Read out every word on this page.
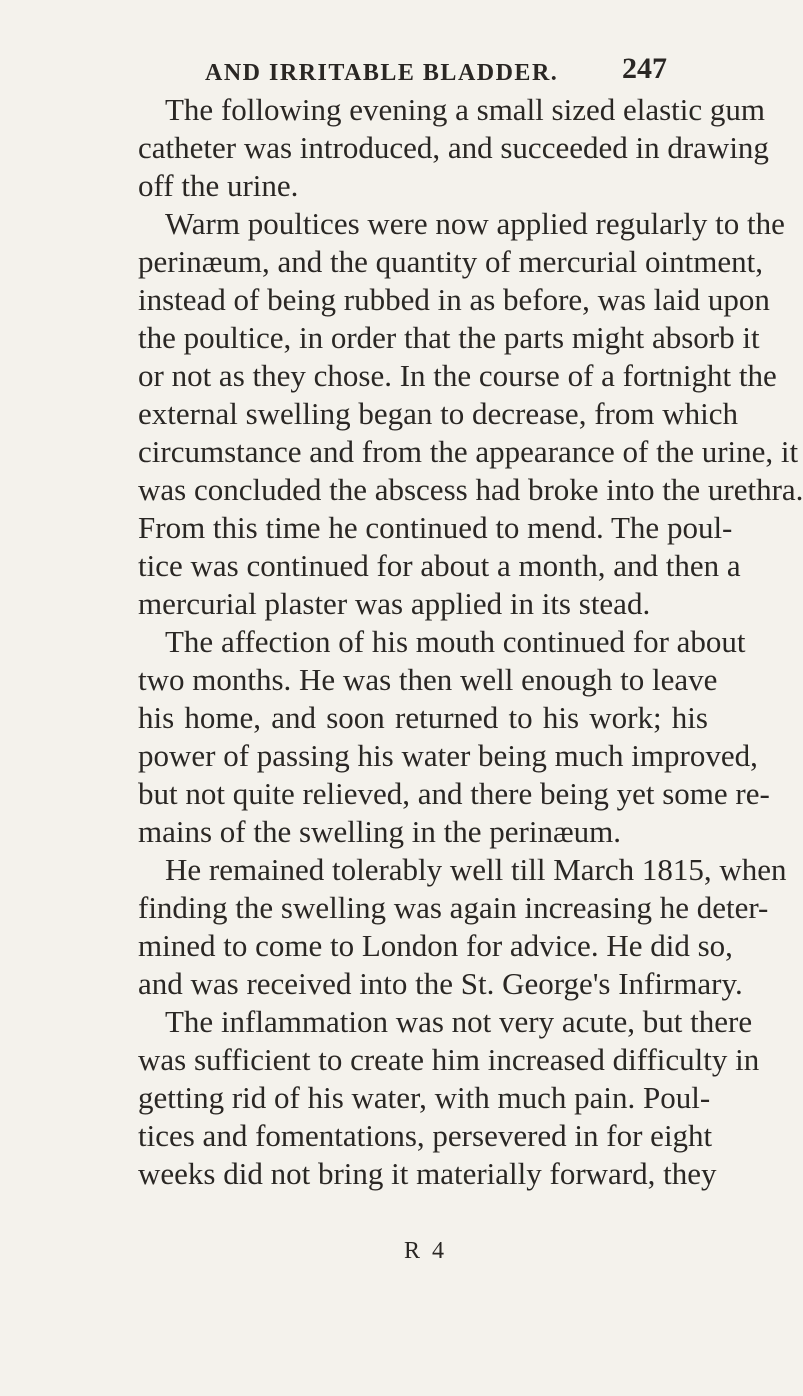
AND IRRITABLE BLADDER. 247
The following evening a small sized elastic gum
catheter was introduced, and succeeded in drawing
off the urine.
Warm poultices were now applied regularly to the
perinæum, and the quantity of mercurial ointment,
instead of being rubbed in as before, was laid upon
the poultice, in order that the parts might absorb it
or not as they chose. In the course of a fortnight the
external swelling began to decrease, from which
circumstance and from the appearance of the urine, it
was concluded the abscess had broke into the urethra.
From this time he continued to mend. The poul-
tice was continued for about a month, and then a
mercurial plaster was applied in its stead.
The affection of his mouth continued for about
two months. He was then well enough to leave
his home, and soon returned to his work; his
power of passing his water being much improved,
but not quite relieved, and there being yet some re-
mains of the swelling in the perinæum.
He remained tolerably well till March 1815, when
finding the swelling was again increasing he deter-
mined to come to London for advice. He did so,
and was received into the St. George's Infirmary.
The inflammation was not very acute, but there
was sufficient to create him increased difficulty in
getting rid of his water, with much pain. Poul-
tices and fomentations, persevered in for eight
weeks did not bring it materially forward, they
R 4
